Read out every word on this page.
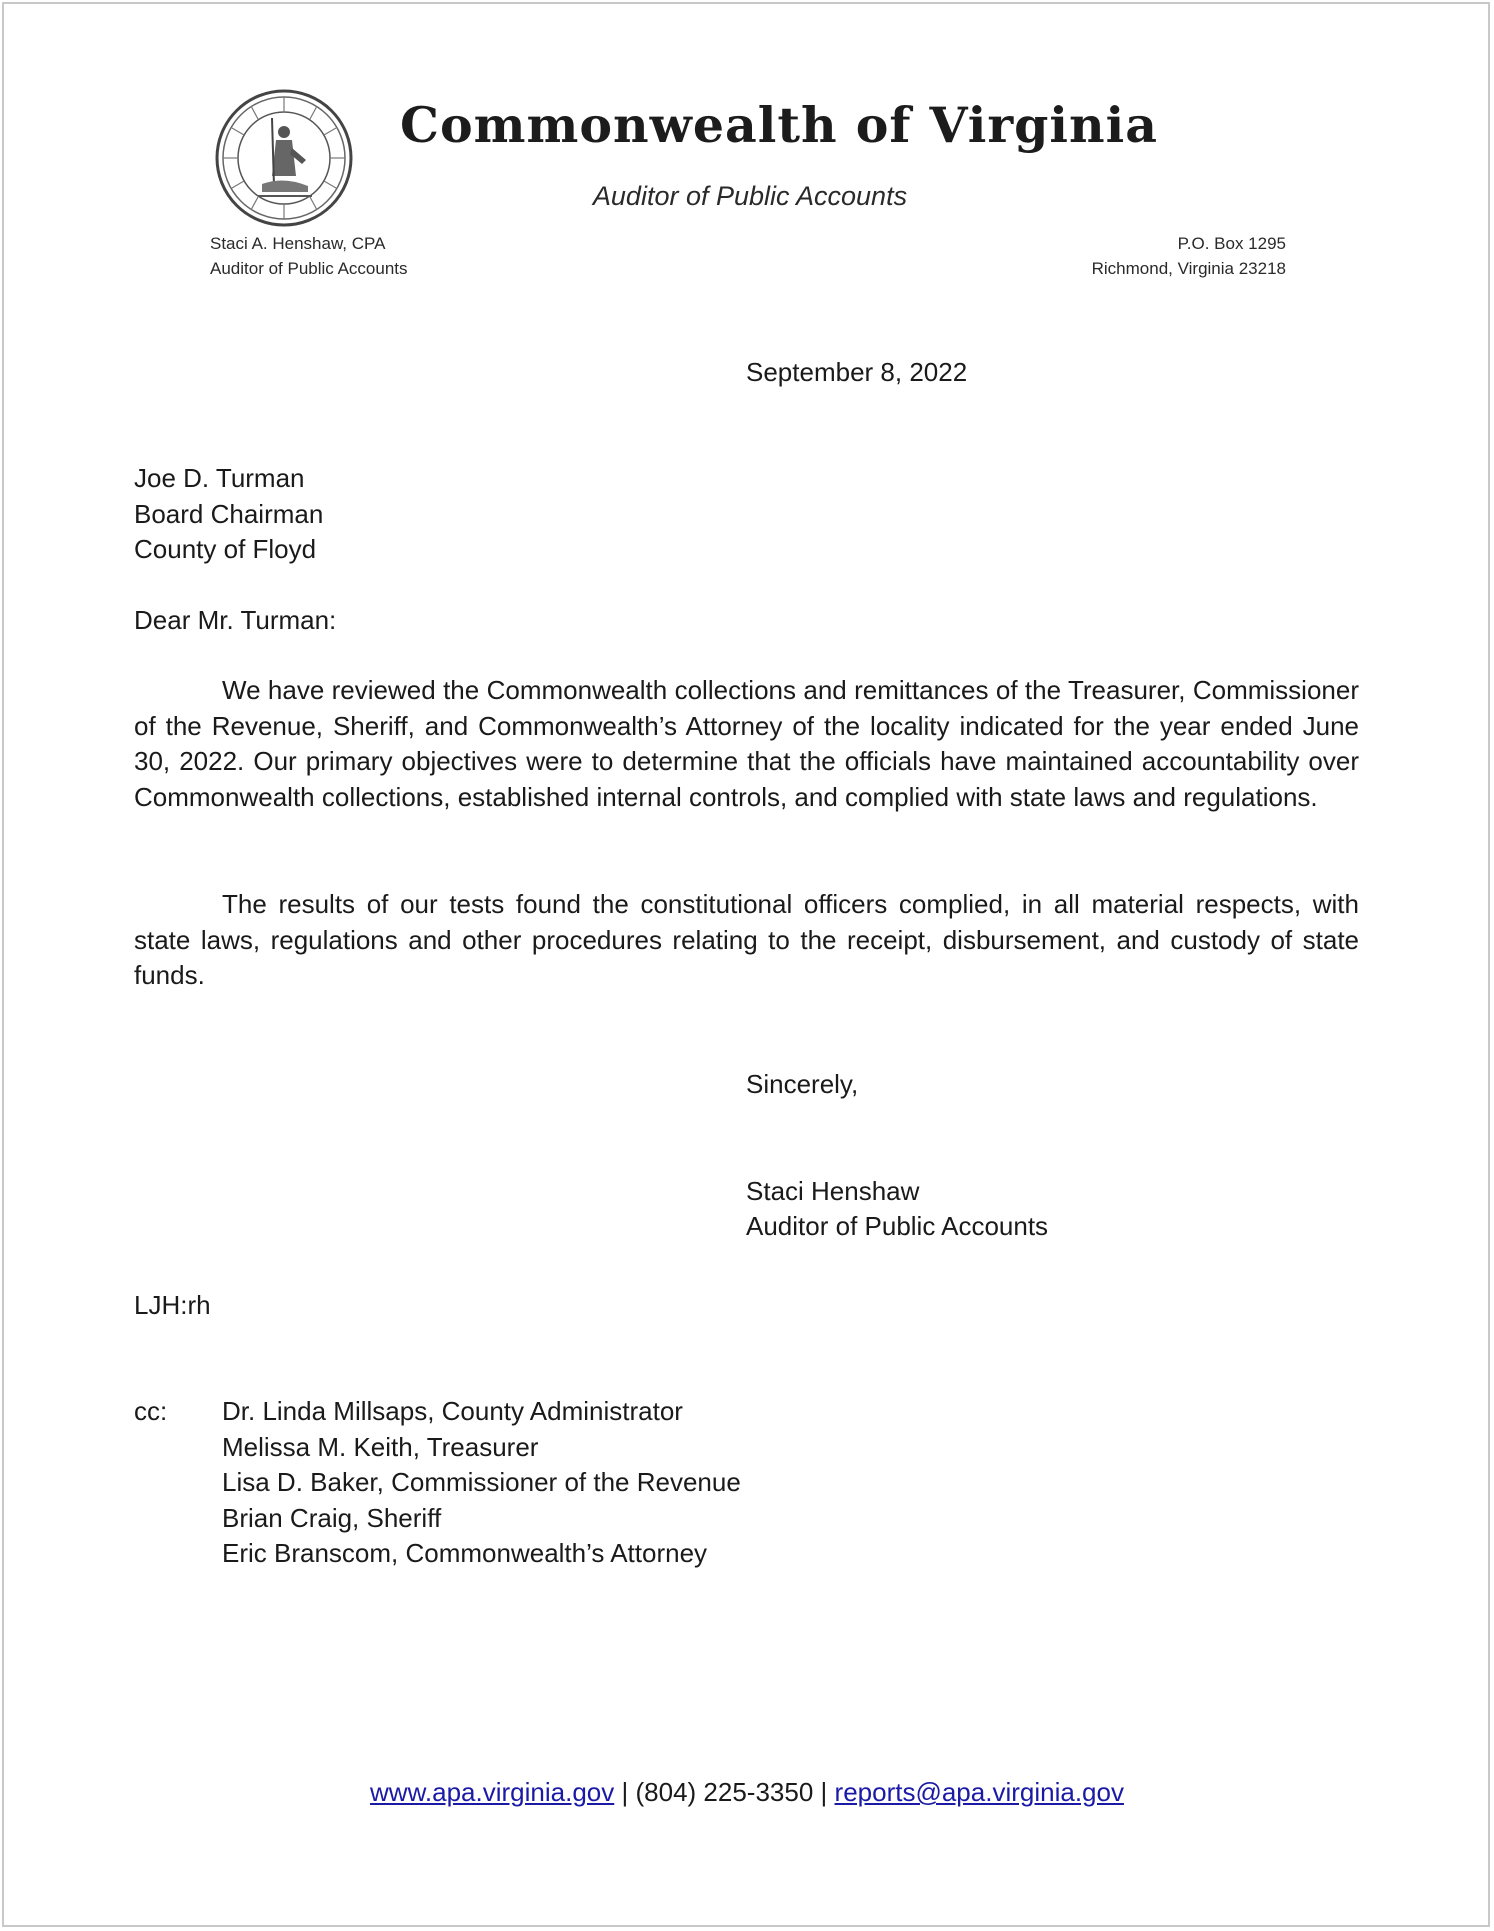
Commonwealth of Virginia
Auditor of Public Accounts
Staci A. Henshaw, CPA
Auditor of Public Accounts
P.O. Box 1295
Richmond, Virginia 23218
September 8, 2022
Joe D. Turman
Board Chairman
County of Floyd
Dear Mr. Turman:
We have reviewed the Commonwealth collections and remittances of the Treasurer, Commissioner of the Revenue, Sheriff, and Commonwealth’s Attorney of the locality indicated for the year ended June 30, 2022. Our primary objectives were to determine that the officials have maintained accountability over Commonwealth collections, established internal controls, and complied with state laws and regulations.
The results of our tests found the constitutional officers complied, in all material respects, with state laws, regulations and other procedures relating to the receipt, disbursement, and custody of state funds.
Sincerely,
Staci Henshaw
Auditor of Public Accounts
LJH:rh
cc: Dr. Linda Millsaps, County Administrator
Melissa M. Keith, Treasurer
Lisa D. Baker, Commissioner of the Revenue
Brian Craig, Sheriff
Eric Branscom, Commonwealth’s Attorney
www.apa.virginia.gov | (804) 225-3350 | reports@apa.virginia.gov
